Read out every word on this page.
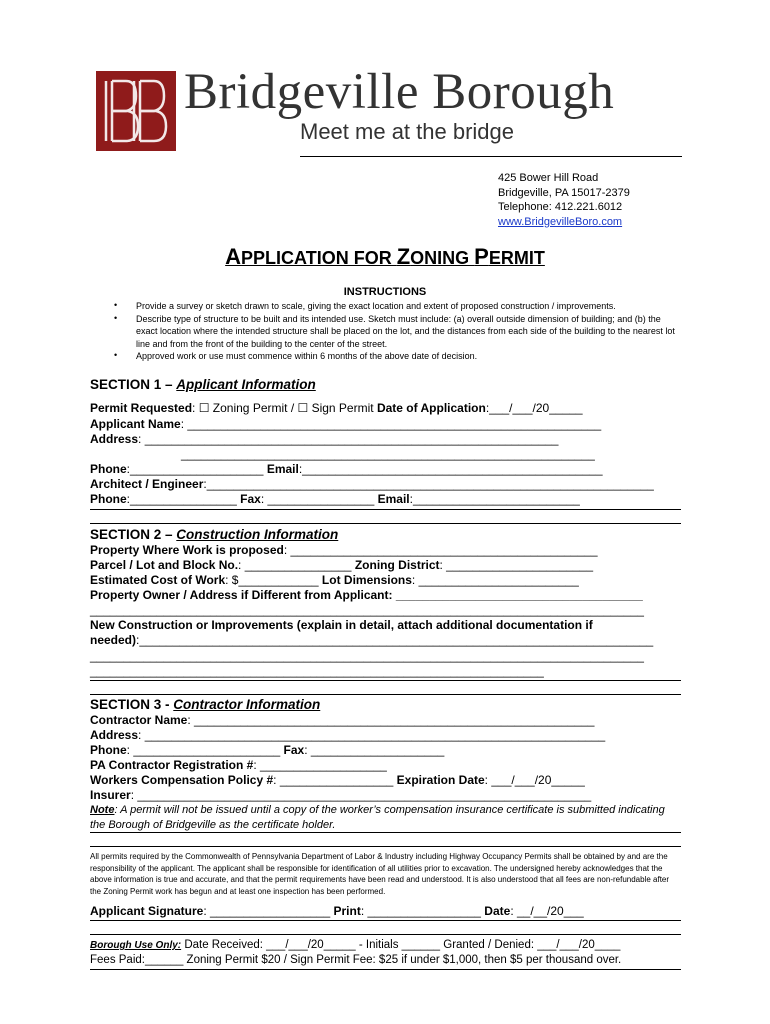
Bridgeville Borough
Meet me at the bridge
425 Bower Hill Road
Bridgeville, PA 15017-2379
Telephone: 412.221.6012
www.BridgevilleBoro.com
APPLICATION FOR ZONING PERMIT
INSTRUCTIONS
• Provide a survey or sketch drawn to scale, giving the exact location and extent of proposed construction / improvements.
• Describe type of structure to be built and its intended use. Sketch must include: (a) overall outside dimension of building; and (b) the exact location where the intended structure shall be placed on the lot, and the distances from each side of the building to the nearest lot line and from the front of the building to the center of the street.
• Approved work or use must commence within 6 months of the above date of decision.
SECTION 1 – Applicant Information
Permit Requested: ☐ Zoning Permit / ☐ Sign Permit Date of Application:___/___/20_____
Applicant Name: ______________________________________________________________
Address: ______________________________________________________________
______________________________________________________________
Phone:____________________ Email:_____________________________________________
Architect / Engineer:___________________________________________________________________
Phone:________________ Fax: ________________ Email:_________________________
SECTION 2 – Construction Information
Property Where Work is proposed: ______________________________________________
Parcel / Lot and Block No.: ________________ Zoning District: ______________________
Estimated Cost of Work: $____________ Lot Dimensions: ________________________
Property Owner / Address if Different from Applicant: _____________________________________
___________________________________________________________________________________
New Construction or Improvements (explain in detail, attach additional documentation if
needed):_____________________________________________________________________________
___________________________________________________________________________________
____________________________________________________________________
SECTION 3 - Contractor Information
Contractor Name: ____________________________________________________________
Address: _____________________________________________________________________
Phone: ______________________ Fax: ____________________
PA Contractor Registration #: ___________________
Workers Compensation Policy #: _________________ Expiration Date: ___/___/20_____
Insurer: ____________________________________________________________________
Note: A permit will not be issued until a copy of the worker’s compensation insurance certificate is submitted indicating the Borough of Bridgeville as the certificate holder.
All permits required by the Commonwealth of Pennsylvania Department of Labor & Industry including Highway Occupancy Permits shall be obtained by and are the responsibility of the applicant. The applicant shall be responsible for identification of all utilities prior to excavation. The undersigned hereby acknowledges that the above information is true and accurate, and that the permit requirements have been read and understood. It is also understood that all fees are non-refundable after the Zoning Permit work has begun and at least one inspection has been performed.
Applicant Signature: __________________ Print: _________________ Date: __/__/20___
Borough Use Only: Date Received: ___/___/20_____ - Initials ______ Granted / Denied: ___/___/20____
Fees Paid:______ Zoning Permit $20 / Sign Permit Fee: $25 if under $1,000, then $5 per thousand over.
